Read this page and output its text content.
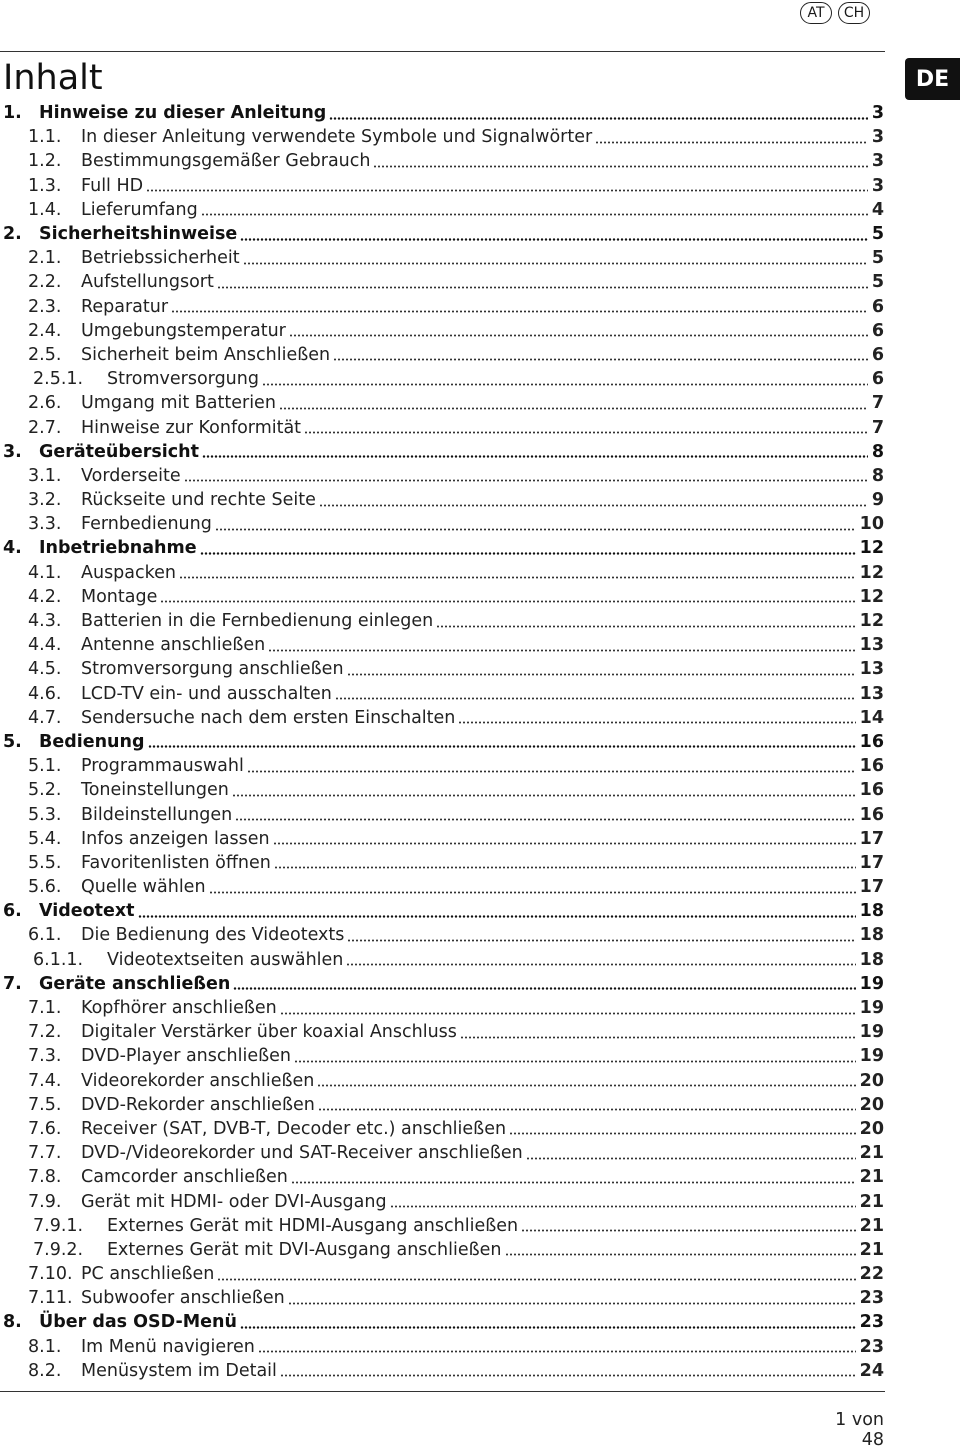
AT	CH
DE
Inhalt
1. Hinweise zu dieser Anleitung	3
1.1.	In dieser Anleitung verwendete Symbole und Signalwörter	3
1.2.	Bestimmungsgemäßer Gebrauch	3
1.3.	Full HD	3
1.4.	Lieferumfang	4
2. Sicherheitshinweise	5
2.1.	Betriebssicherheit	5
2.2.	Aufstellungsort	5
2.3.	Reparatur	6
2.4.	Umgebungstemperatur	6
2.5.	Sicherheit beim Anschließen	6
2.5.1.	Stromversorgung	6
2.6.	Umgang mit Batterien	7
2.7.	Hinweise zur Konformität	7
3. Geräteübersicht	8
3.1.	Vorderseite	8
3.2.	Rückseite und rechte Seite	9
3.3.	Fernbedienung	10
4. Inbetriebnahme	12
4.1.	Auspacken	12
4.2.	Montage	12
4.3.	Batterien in die Fernbedienung einlegen	12
4.4.	Antenne anschließen	13
4.5.	Stromversorgung anschließen	13
4.6.	LCD-TV ein- und ausschalten	13
4.7.	Sendersuche nach dem ersten Einschalten	14
5. Bedienung	16
5.1.	Programmauswahl	16
5.2.	Toneinstellungen	16
5.3.	Bildeinstellungen	16
5.4.	Infos anzeigen lassen	17
5.5.	Favoritenlisten öffnen	17
5.6.	Quelle wählen	17
6. Videotext	18
6.1.	Die Bedienung des Videotexts	18
6.1.1.	Videotextseiten auswählen	18
7. Geräte anschließen	19
7.1.	Kopfhörer anschließen	19
7.2.	Digitaler Verstärker über koaxial Anschluss	19
7.3.	DVD-Player anschließen	19
7.4.	Videorekorder anschließen	20
7.5.	DVD-Rekorder anschließen	20
7.6.	Receiver (SAT, DVB-T, Decoder etc.) anschließen	20
7.7.	DVD-/Videorekorder und SAT-Receiver anschließen	21
7.8.	Camcorder anschließen	21
7.9.	Gerät mit HDMI- oder DVI-Ausgang	21
7.9.1.	Externes Gerät mit HDMI-Ausgang anschließen	21
7.9.2.	Externes Gerät mit DVI-Ausgang anschließen	21
7.10. PC anschließen	22
7.11. Subwoofer anschließen	23
8. Über das OSD-Menü	23
8.1.	Im Menü navigieren	23
8.2.	Menüsystem im Detail	24
1 von 48
